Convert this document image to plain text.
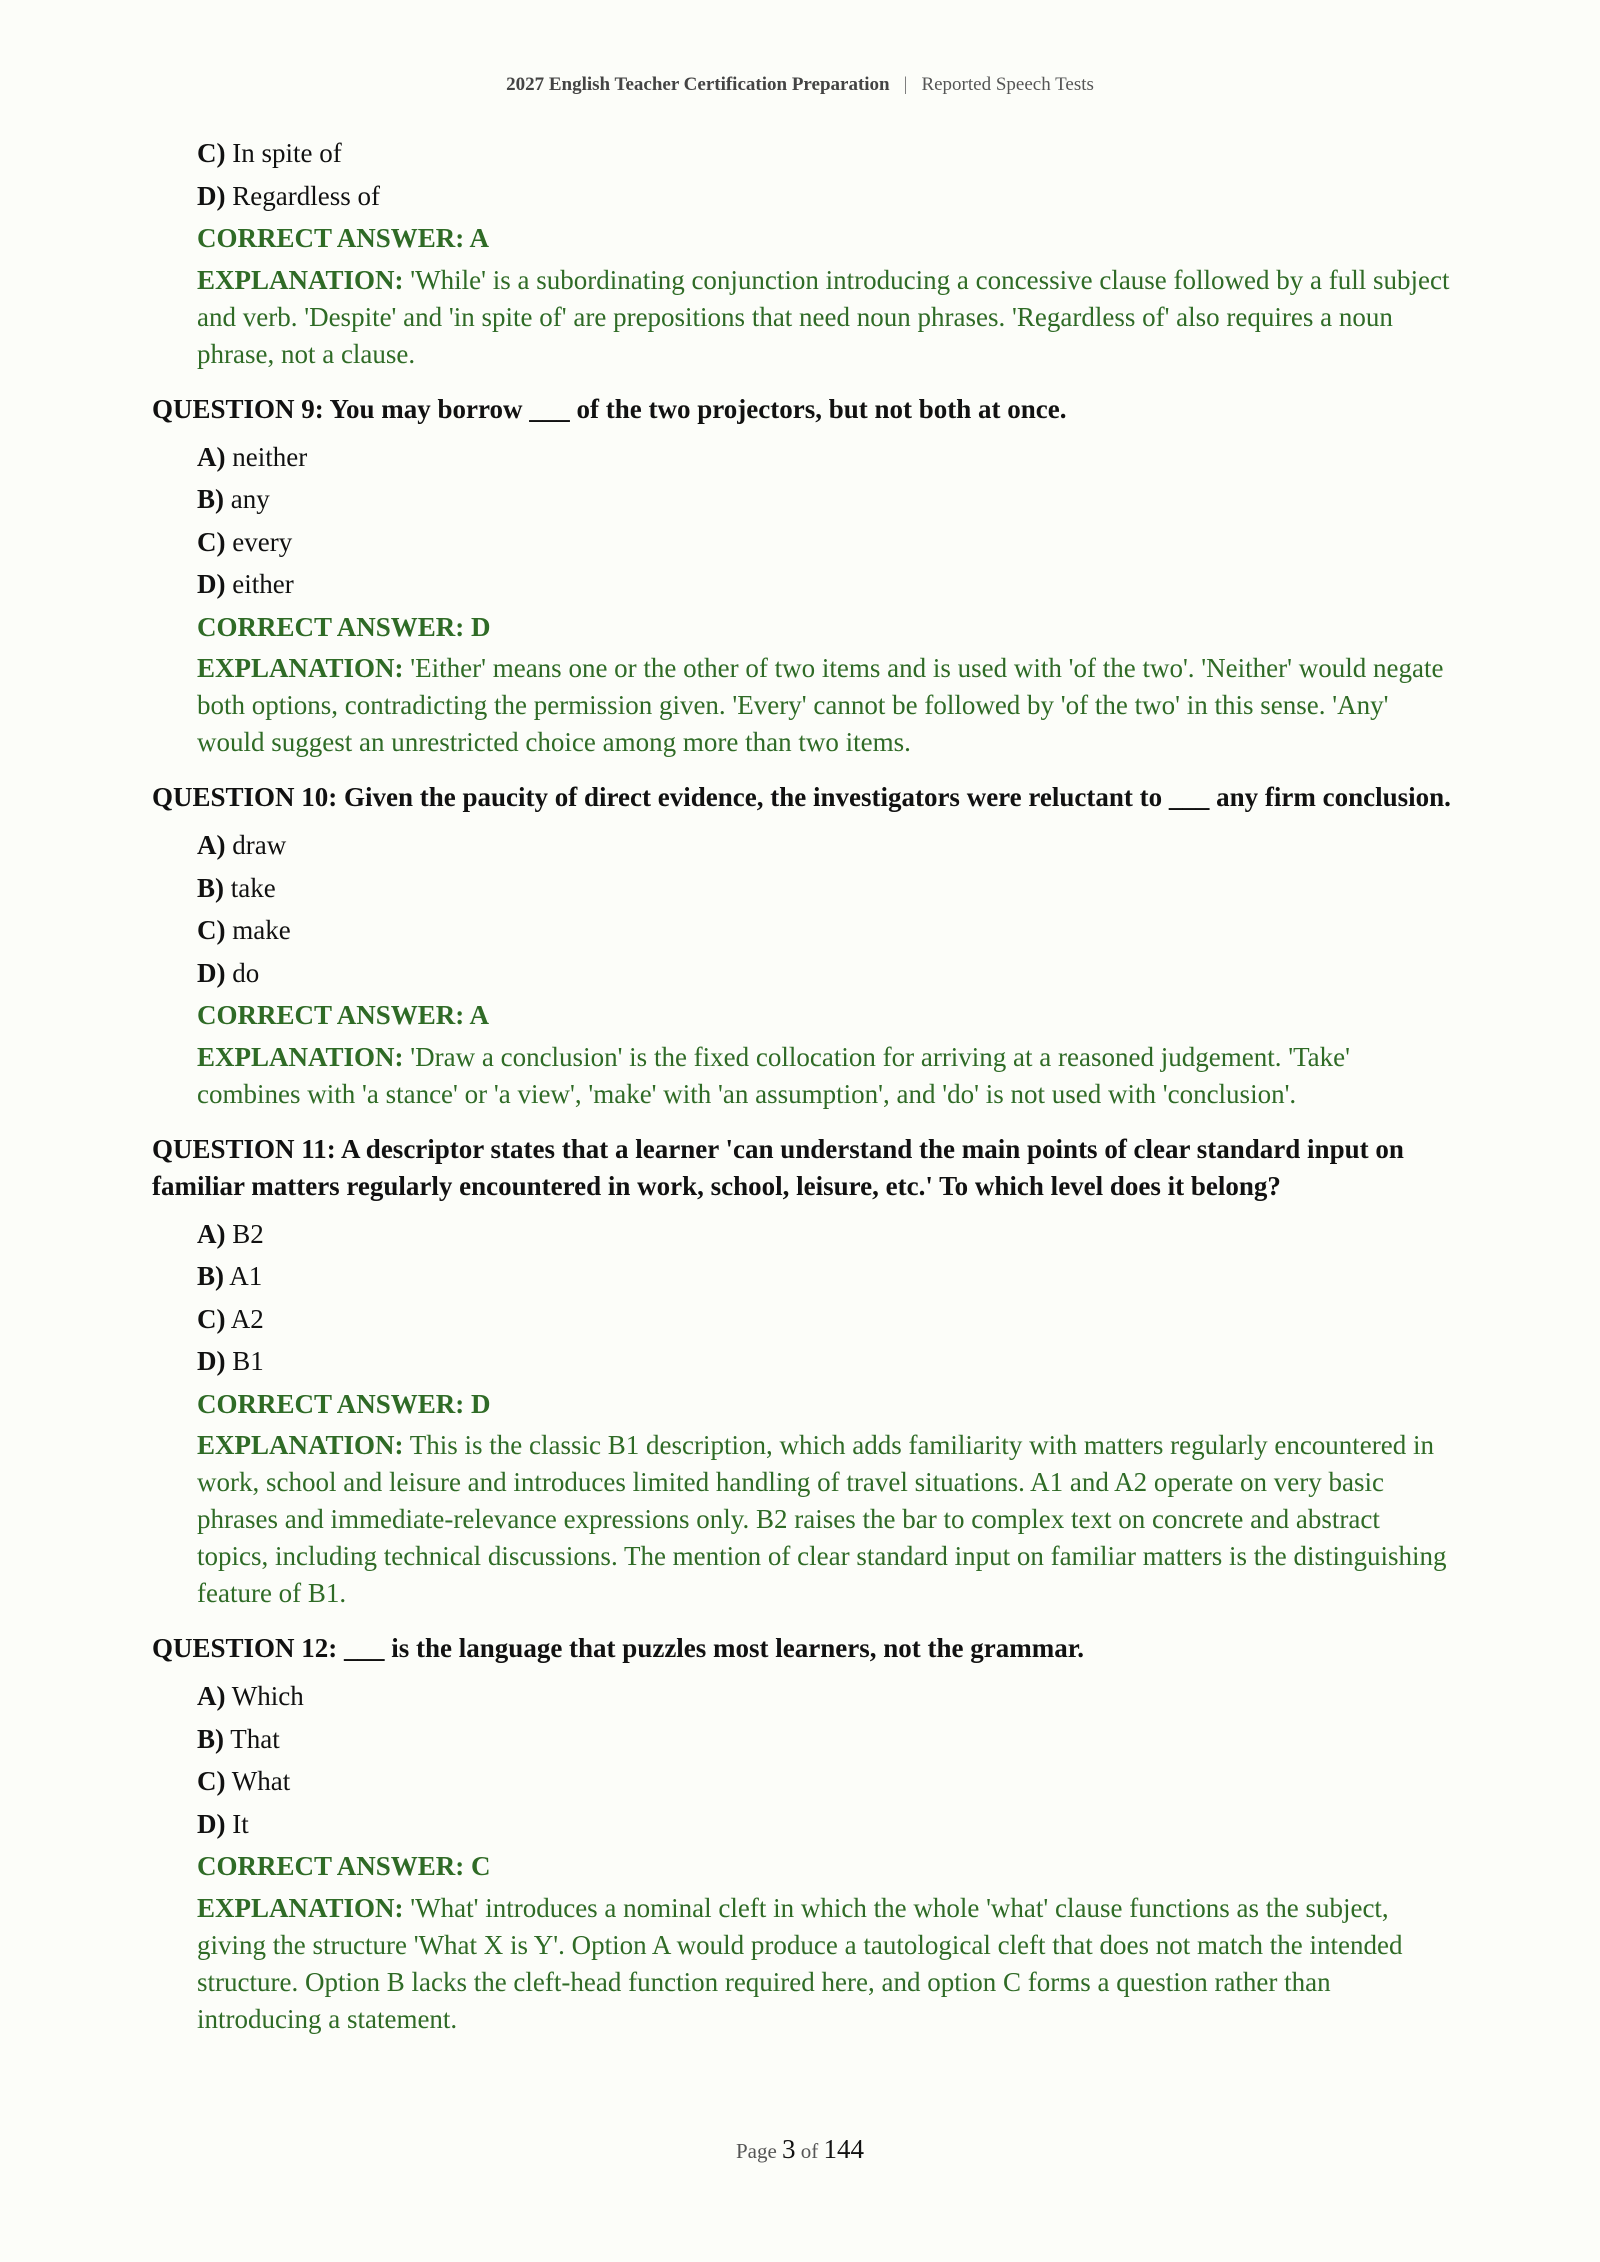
2027 English Teacher Certification Preparation | Reported Speech Tests
C) In spite of
D) Regardless of
CORRECT ANSWER: A
EXPLANATION: 'While' is a subordinating conjunction introducing a concessive clause followed by a full subject and verb. 'Despite' and 'in spite of' are prepositions that need noun phrases. 'Regardless of' also requires a noun phrase, not a clause.
QUESTION 9: You may borrow ___ of the two projectors, but not both at once.
A) neither
B) any
C) every
D) either
CORRECT ANSWER: D
EXPLANATION: 'Either' means one or the other of two items and is used with 'of the two'. 'Neither' would negate both options, contradicting the permission given. 'Every' cannot be followed by 'of the two' in this sense. 'Any' would suggest an unrestricted choice among more than two items.
QUESTION 10: Given the paucity of direct evidence, the investigators were reluctant to ___ any firm conclusion.
A) draw
B) take
C) make
D) do
CORRECT ANSWER: A
EXPLANATION: 'Draw a conclusion' is the fixed collocation for arriving at a reasoned judgement. 'Take' combines with 'a stance' or 'a view', 'make' with 'an assumption', and 'do' is not used with 'conclusion'.
QUESTION 11: A descriptor states that a learner 'can understand the main points of clear standard input on familiar matters regularly encountered in work, school, leisure, etc.' To which level does it belong?
A) B2
B) A1
C) A2
D) B1
CORRECT ANSWER: D
EXPLANATION: This is the classic B1 description, which adds familiarity with matters regularly encountered in work, school and leisure and introduces limited handling of travel situations. A1 and A2 operate on very basic phrases and immediate-relevance expressions only. B2 raises the bar to complex text on concrete and abstract topics, including technical discussions. The mention of clear standard input on familiar matters is the distinguishing feature of B1.
QUESTION 12: ___ is the language that puzzles most learners, not the grammar.
A) Which
B) That
C) What
D) It
CORRECT ANSWER: C
EXPLANATION: 'What' introduces a nominal cleft in which the whole 'what' clause functions as the subject, giving the structure 'What X is Y'. Option A would produce a tautological cleft that does not match the intended structure. Option B lacks the cleft-head function required here, and option C forms a question rather than introducing a statement.
Page 3 of 144
